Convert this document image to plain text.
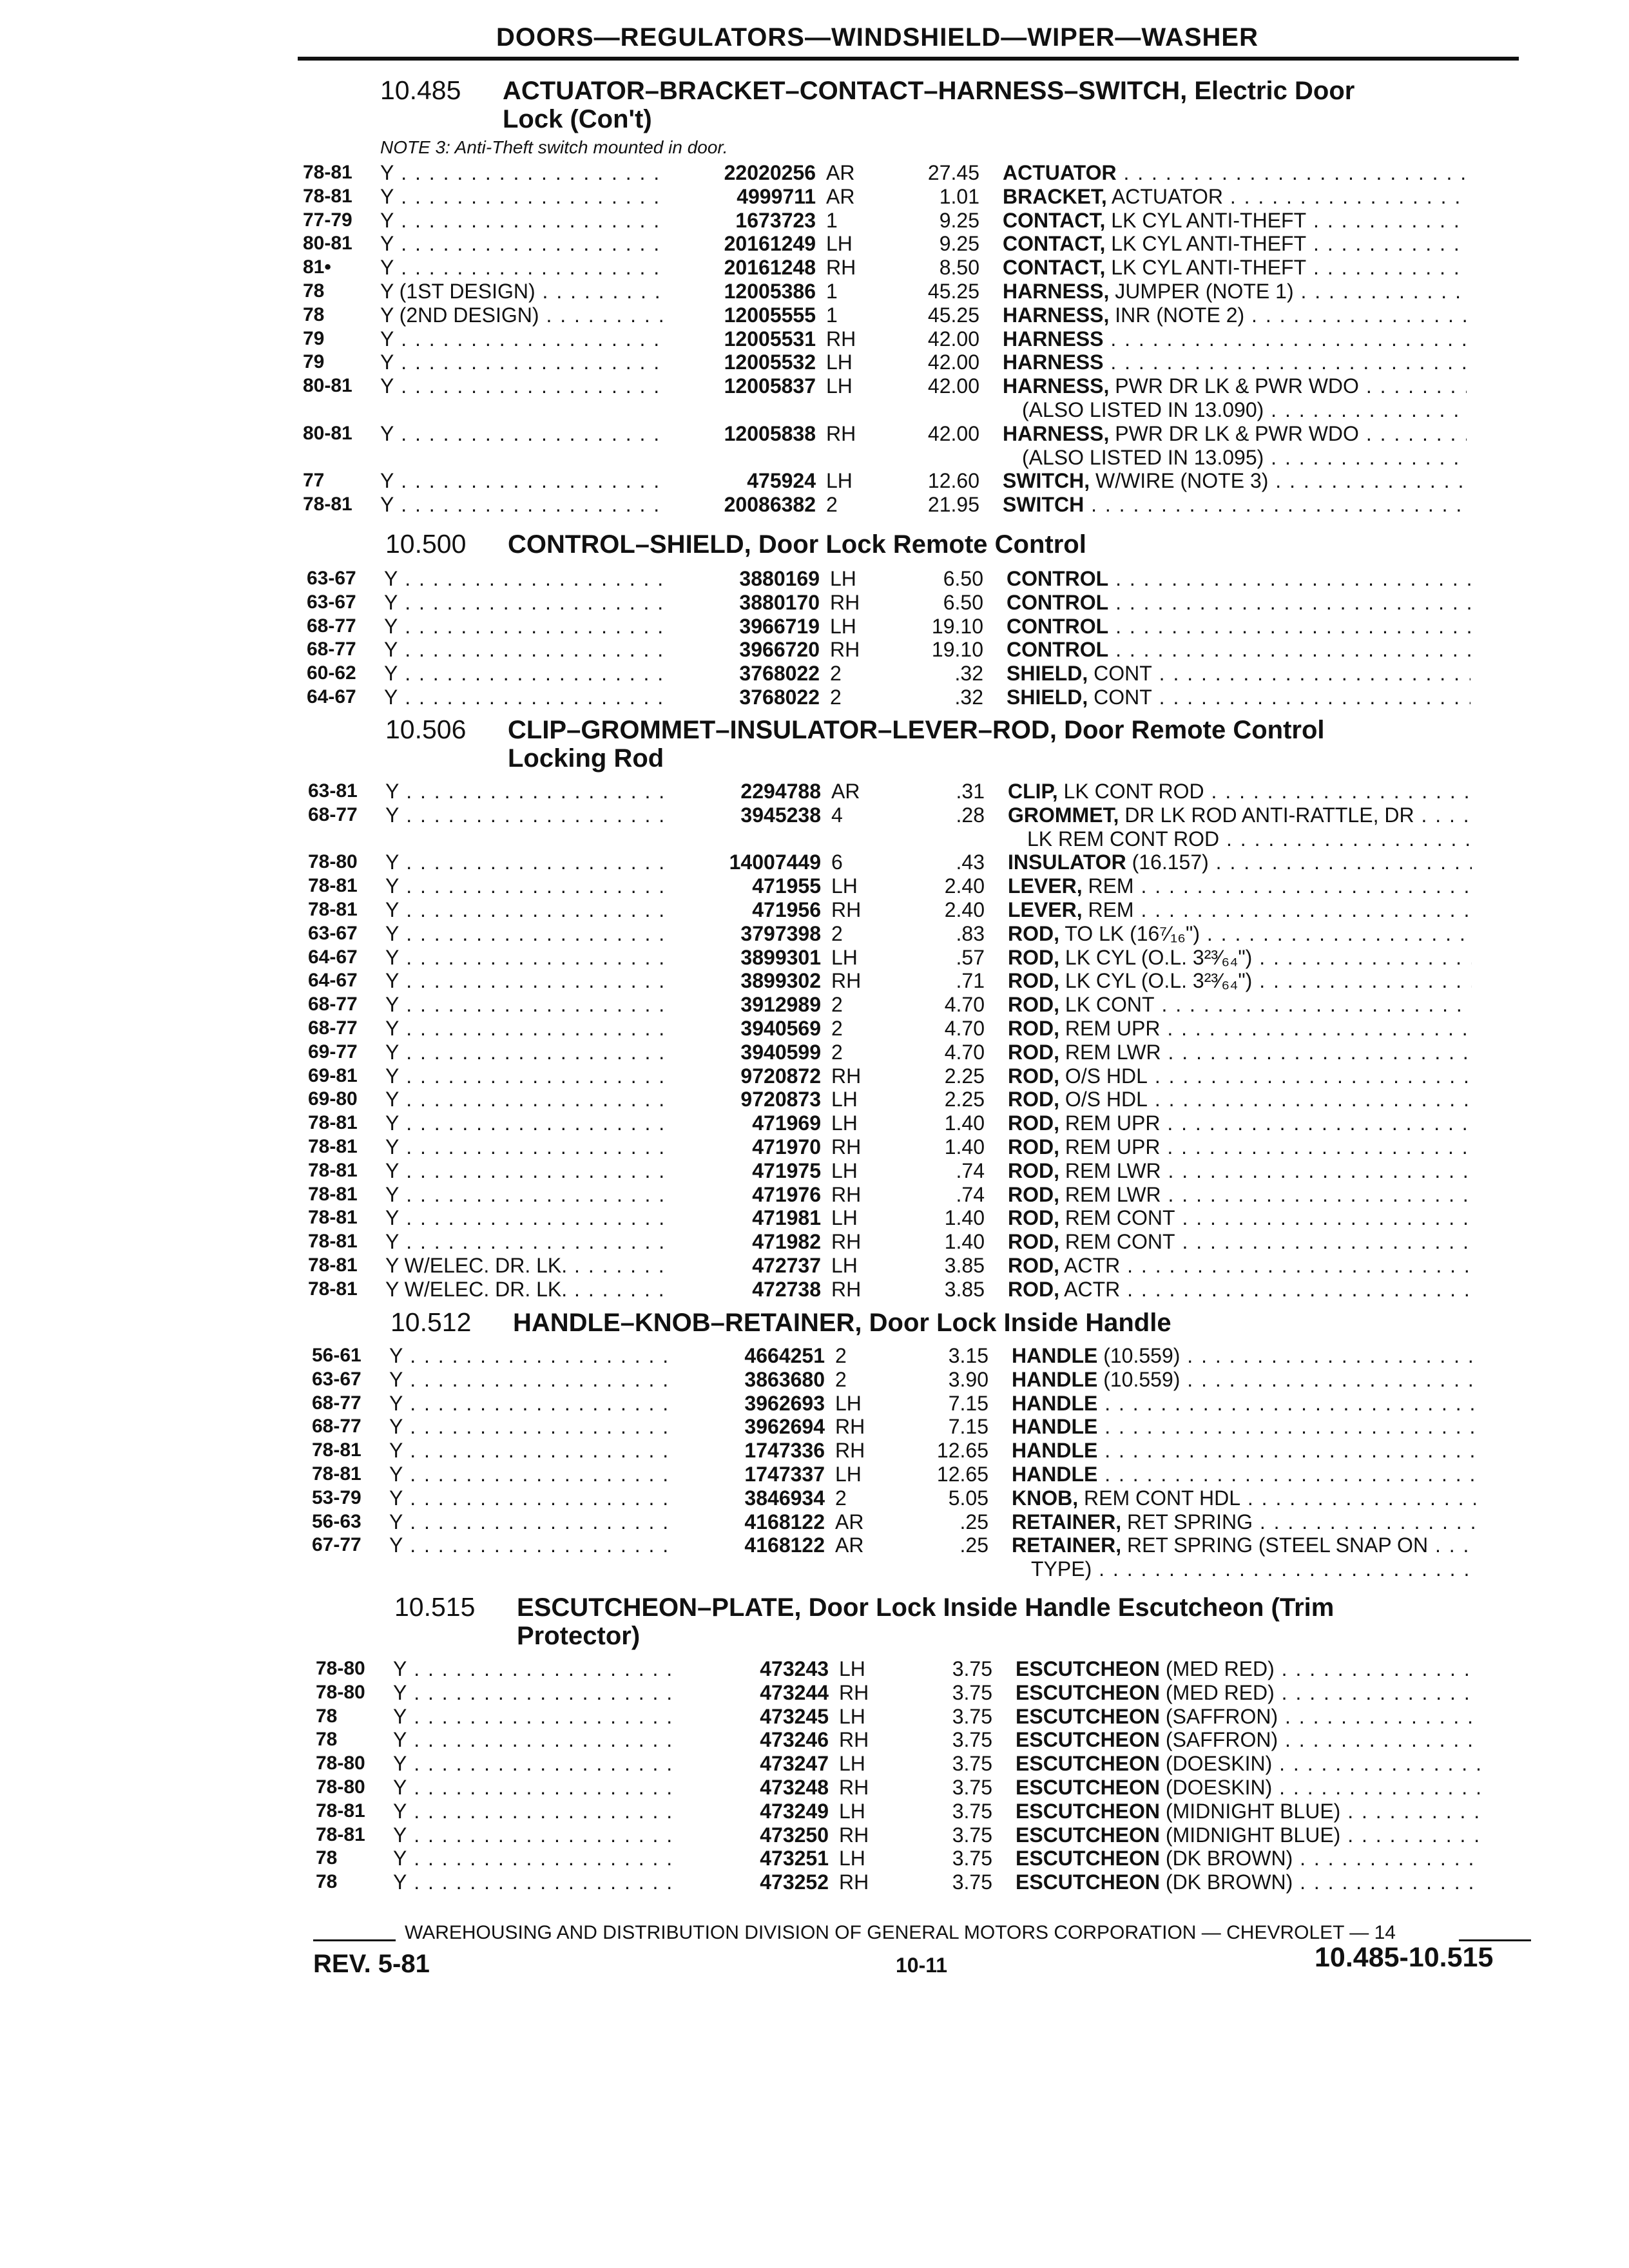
DOORS—REGULATORS—WINDSHIELD—WIPER—WASHER
10.485 ACTUATOR–BRACKET–CONTACT–HARNESS–SWITCH, Electric Door
Lock (Con't)
NOTE 3: Anti-Theft switch mounted in door.
78-81 Y . . .	22020256 AR	27.45 ACTUATOR . . .
78-81 Y . . .	4999711 AR	1.01 BRACKET, ACTUATOR . . .
77-79 Y . . .	1673723 1	9.25 CONTACT, LK CYL ANTI-THEFT . . .
80-81 Y . . .	20161249 LH	9.25 CONTACT, LK CYL ANTI-THEFT . . .
81• Y . . .	20161248 RH	8.50 CONTACT, LK CYL ANTI-THEFT . . .
78	Y (1ST DESIGN) . . .	12005386 1	45.25 HARNESS, JUMPER (NOTE 1) . . .
78	Y (2ND DESIGN) . . .	12005555 1	45.25 HARNESS, INR (NOTE 2) . . .
79	Y . . .	12005531 RH	42.00 HARNESS . . .
79	Y . . .	12005532 LH	42.00 HARNESS . . .
80-81 Y . . .	12005837 LH	42.00 HARNESS, PWR DR LK & PWR WDO . . .
(ALSO LISTED IN 13.090) . . .
80-81 Y . . .	12005838 RH	42.00 HARNESS, PWR DR LK & PWR WDO . . .
(ALSO LISTED IN 13.095) . . .
77	Y . . .	475924 LH	12.60 SWITCH, W/WIRE (NOTE 3) . . .
78-81 Y . . .	20086382 2	21.95 SWITCH . . .
10.500 CONTROL–SHIELD, Door Lock Remote Control
63-67 Y . . .	3880169 LH	6.50 CONTROL . . .
63-67 Y . . .	3880170 RH	6.50 CONTROL . . .
68-77 Y . . .	3966719 LH	19.10 CONTROL . . .
68-77 Y . . .	3966720 RH	19.10 CONTROL . . .
60-62 Y . . .	3768022 2	.32 SHIELD, CONT . . .
64-67 Y . . .	3768022 2	.32 SHIELD, CONT . . .
10.506 CLIP–GROMMET–INSULATOR–LEVER–ROD, Door Remote Control
Locking Rod
63-81 Y . . .	2294788 AR	.31 CLIP, LK CONT ROD . . .
68-77 Y . . .	3945238 4	.28 GROMMET, DR LK ROD ANTI-RATTLE, DR . . .
LK REM CONT ROD . . .
78-80 Y . . .	14007449 6	.43 INSULATOR (16.157) . . .
78-81 Y . . .	471955 LH	2.40 LEVER, REM . . .
78-81 Y . . .	471956 RH	2.40 LEVER, REM . . .
63-67 Y . . .	3797398 2	.83 ROD, TO LK (16⁷⁄₁₆") . . .
64-67 Y . . .	3899301 LH	.57 ROD, LK CYL (O.L. 3²³⁄₆₄") . . .
64-67 Y . . .	3899302 RH	.71 ROD, LK CYL (O.L. 3²³⁄₆₄") . . .
68-77 Y . . .	3912989 2	4.70 ROD, LK CONT . . .
68-77 Y . . .	3940569 2	4.70 ROD, REM UPR . . .
69-77 Y . . .	3940599 2	4.70 ROD, REM LWR . . .
69-81 Y . . .	9720872 RH	2.25 ROD, O/S HDL . . .
69-80 Y . . .	9720873 LH	2.25 ROD, O/S HDL . . .
78-81 Y . . .	471969 LH	1.40 ROD, REM UPR . . .
78-81 Y . . .	471970 RH	1.40 ROD, REM UPR . . .
78-81 Y . . .	471975 LH	.74 ROD, REM LWR . . .
78-81 Y . . .	471976 RH	.74 ROD, REM LWR . . .
78-81 Y . . .	471981 LH	1.40 ROD, REM CONT . . .
78-81 Y . . .	471982 RH	1.40 ROD, REM CONT . . .
78-81 Y W/ELEC. DR. LK. . . .	472737 LH	3.85 ROD, ACTR . . .
78-81 Y W/ELEC. DR. LK. . . .	472738 RH	3.85 ROD, ACTR . . .
10.512 HANDLE–KNOB–RETAINER, Door Lock Inside Handle
56-61 Y . . .	4664251 2	3.15 HANDLE (10.559) . . .
63-67 Y . . .	3863680 2	3.90 HANDLE (10.559) . . .
68-77 Y . . .	3962693 LH	7.15 HANDLE . . .
68-77 Y . . .	3962694 RH	7.15 HANDLE . . .
78-81 Y . . .	1747336 RH	12.65 HANDLE . . .
78-81 Y . . .	1747337 LH	12.65 HANDLE . . .
53-79 Y . . .	3846934 2	5.05 KNOB, REM CONT HDL . . .
56-63 Y . . .	4168122 AR	.25 RETAINER, RET SPRING . . .
67-77 Y . . .	4168122 AR	.25 RETAINER, RET SPRING (STEEL SNAP ON . . .
TYPE) . . .
10.515 ESCUTCHEON–PLATE, Door Lock Inside Handle Escutcheon (Trim
Protector)
78-80 Y . . .	473243 LH	3.75 ESCUTCHEON (MED RED) . . .
78-80 Y . . .	473244 RH	3.75 ESCUTCHEON (MED RED) . . .
78	Y . . .	473245 LH	3.75 ESCUTCHEON (SAFFRON) . . .
78	Y . . .	473246 RH	3.75 ESCUTCHEON (SAFFRON) . . .
78-80 Y . . .	473247 LH	3.75 ESCUTCHEON (DOESKIN) . . .
78-80 Y . . .	473248 RH	3.75 ESCUTCHEON (DOESKIN) . . .
78-81 Y . . .	473249 LH	3.75 ESCUTCHEON (MIDNIGHT BLUE) . . .
78-81 Y . . .	473250 RH	3.75 ESCUTCHEON (MIDNIGHT BLUE) . . .
78	Y . . .	473251 LH	3.75 ESCUTCHEON (DK BROWN) . . .
78	Y . . .	473252 RH	3.75 ESCUTCHEON (DK BROWN) . . .
WAREHOUSING AND DISTRIBUTION DIVISION OF GENERAL MOTORS CORPORATION — CHEVROLET — 14
REV. 5-81	10-11	10.485-10.515
